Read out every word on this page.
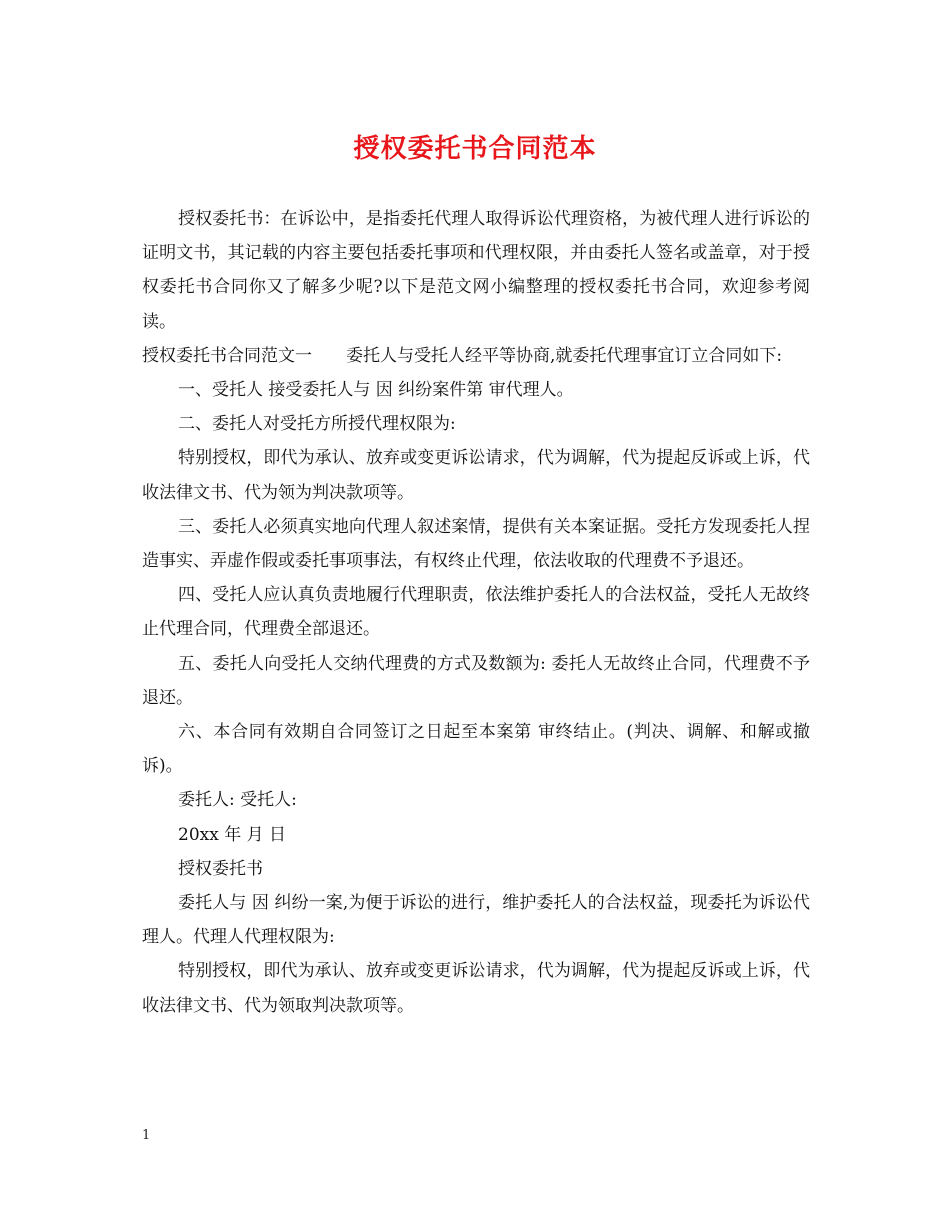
授权委托书合同范本

授权委托书：在诉讼中，是指委托代理人取得诉讼代理资格，为被代理人进行诉讼的证明文书，其记载的内容主要包括委托事项和代理权限，并由委托人签名或盖章，对于授权委托书合同你又了解多少呢?以下是范文网小编整理的授权委托书合同，欢迎参考阅读。

授权委托书合同范文一　　委托人与受托人经平等协商,就委托代理事宜订立合同如下:

一、受托人 接受委托人与 因 纠纷案件第 审代理人。

二、委托人对受托方所授代理权限为:

特别授权，即代为承认、放弃或变更诉讼请求，代为调解，代为提起反诉或上诉，代收法律文书、代为领为判决款项等。

三、委托人必须真实地向代理人叙述案情，提供有关本案证据。受托方发现委托人捏造事实、弄虚作假或委托事项事法，有权终止代理，依法收取的代理费不予退还。

四、受托人应认真负责地履行代理职责，依法维护委托人的合法权益，受托人无故终止代理合同，代理费全部退还。

五、委托人向受托人交纳代理费的方式及数额为: 委托人无故终止合同，代理费不予退还。

六、本合同有效期自合同签订之日起至本案第 审终结止。(判决、调解、和解或撤诉)。

委托人: 受托人:

20xx 年 月 日

授权委托书

委托人与 因 纠纷一案,为便于诉讼的进行，维护委托人的合法权益，现委托为诉讼代理人。代理人代理权限为:

特别授权，即代为承认、放弃或变更诉讼请求，代为调解，代为提起反诉或上诉，代收法律文书、代为领取判决款项等。

1
